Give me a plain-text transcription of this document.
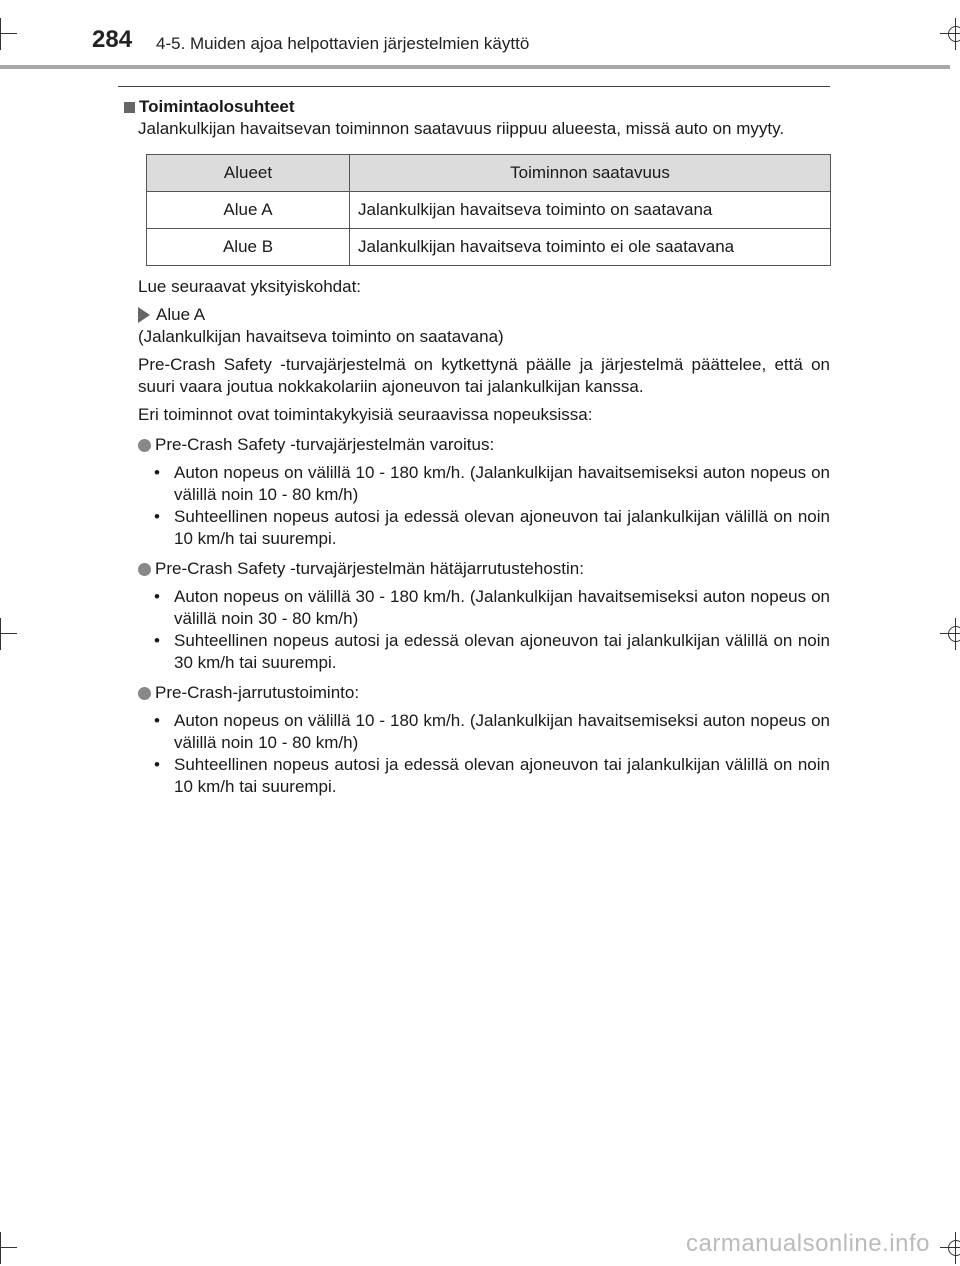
284 4-5. Muiden ajoa helpottavien järjestelmien käyttö
Toimintaolosuhteet
Jalankulkijan havaitsevan toiminnon saatavuus riippuu alueesta, missä auto on myyty.
Alueet	Toiminnon saatavuus
Alue A	Jalankulkijan havaitseva toiminto on saatavana
Alue B	Jalankulkijan havaitseva toiminto ei ole saatavana
Lue seuraavat yksityiskohdat:
Alue A
(Jalankulkijan havaitseva toiminto on saatavana)
Pre-Crash Safety -turvajärjestelmä on kytkettynä päälle ja järjestelmä päättelee, että on suuri vaara joutua nokkakolariin ajoneuvon tai jalankulkijan kanssa.
Eri toiminnot ovat toimintakykyisiä seuraavissa nopeuksissa:
Pre-Crash Safety -turvajärjestelmän varoitus:
• Auton nopeus on välillä 10 - 180 km/h. (Jalankulkijan havaitsemiseksi auton nopeus on välillä noin 10 - 80 km/h)
• Suhteellinen nopeus autosi ja edessä olevan ajoneuvon tai jalankulkijan välillä on noin 10 km/h tai suurempi.
Pre-Crash Safety -turvajärjestelmän hätäjarrutustehostin:
• Auton nopeus on välillä 30 - 180 km/h. (Jalankulkijan havaitsemiseksi auton nopeus on välillä noin 30 - 80 km/h)
• Suhteellinen nopeus autosi ja edessä olevan ajoneuvon tai jalankulkijan välillä on noin 30 km/h tai suurempi.
Pre-Crash-jarrutustoiminto:
• Auton nopeus on välillä 10 - 180 km/h. (Jalankulkijan havaitsemiseksi auton nopeus on välillä noin 10 - 80 km/h)
• Suhteellinen nopeus autosi ja edessä olevan ajoneuvon tai jalankulkijan välillä on noin 10 km/h tai suurempi.
carmanualsonline.info
